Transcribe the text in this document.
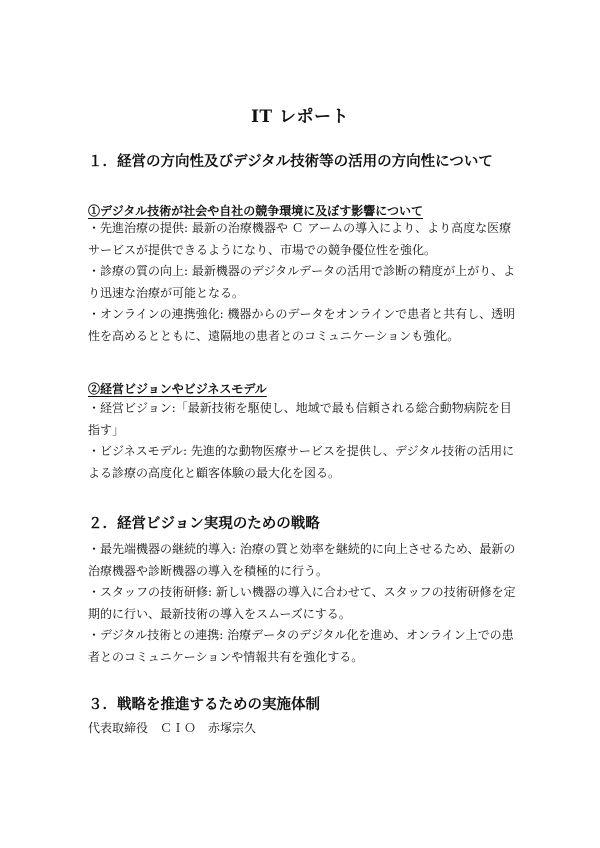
IT レポート
１．経営の方向性及びデジタル技術等の活用の方向性について
①デジタル技術が社会や自社の競争環境に及ぼす影響について
・先進治療の提供: 最新の治療機器や Ｃ アームの導入により、より高度な医療
サービスが提供できるようになり、市場での競争優位性を強化。
・診療の質の向上: 最新機器のデジタルデータの活用で診断の精度が上がり、よ
り迅速な治療が可能となる。
・オンラインの連携強化: 機器からのデータをオンラインで患者と共有し、透明
性を高めるとともに、遠隔地の患者とのコミュニケーションも強化。
②経営ビジョンやビジネスモデル
・経営ビジョン:「最新技術を駆使し、地域で最も信頼される総合動物病院を目
指す」
・ビジネスモデル: 先進的な動物医療サービスを提供し、デジタル技術の活用に
よる診療の高度化と顧客体験の最大化を図る。
２．経営ビジョン実現のための戦略
・最先端機器の継続的導入: 治療の質と効率を継続的に向上させるため、最新の
治療機器や診断機器の導入を積極的に行う。
・スタッフの技術研修: 新しい機器の導入に合わせて、スタッフの技術研修を定
期的に行い、最新技術の導入をスムーズにする。
・デジタル技術との連携: 治療データのデジタル化を進め、オンライン上での患
者とのコミュニケーションや情報共有を強化する。
３．戦略を推進するための実施体制
代表取締役　ＣＩＯ　赤塚宗久
